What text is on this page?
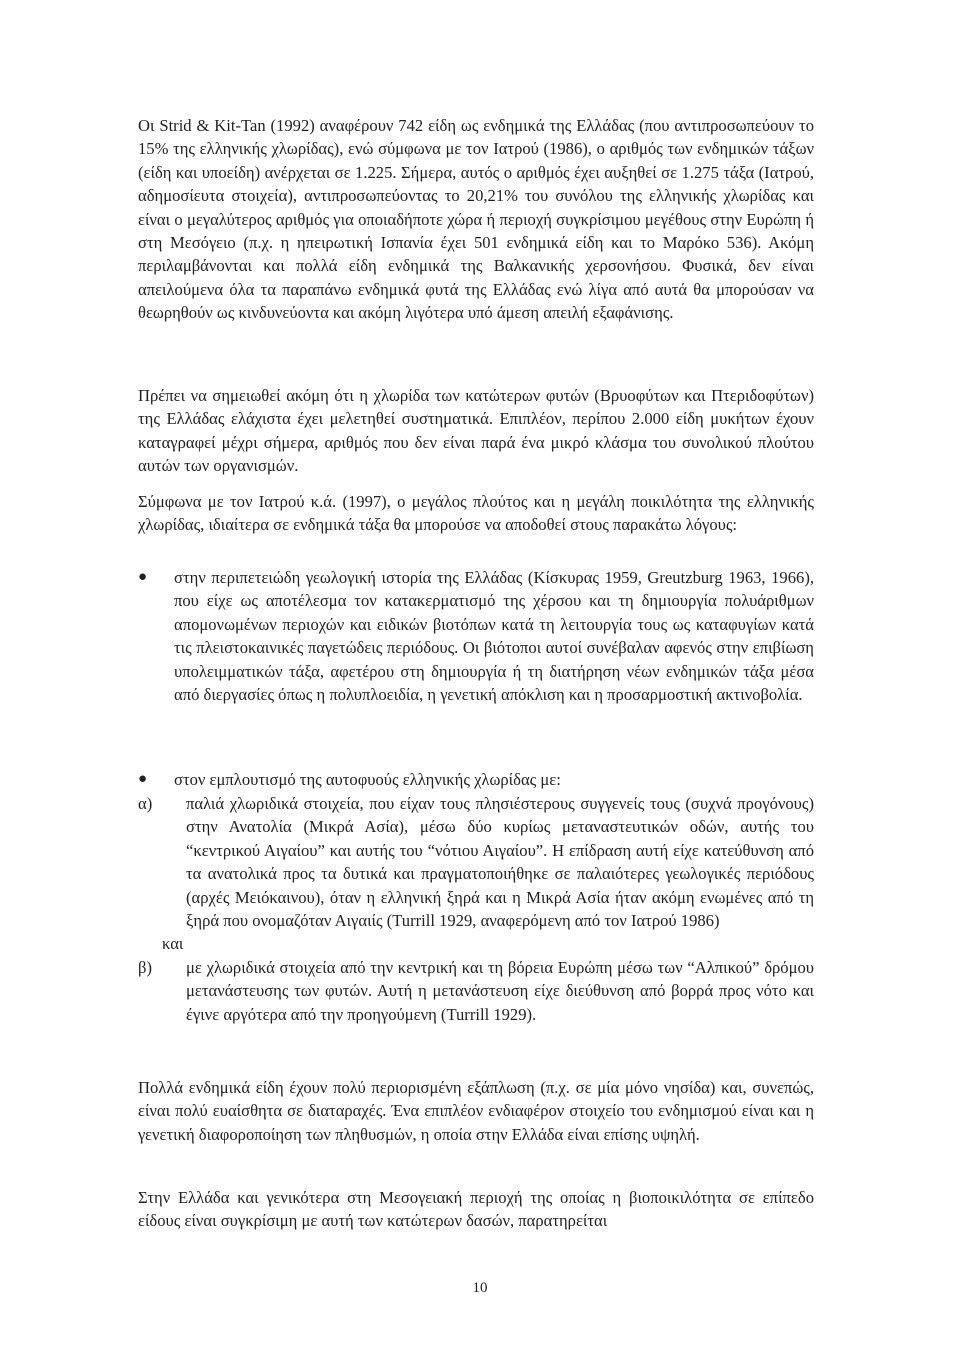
Οι Strid & Kit-Tan (1992) αναφέρουν 742 είδη ως ενδημικά της Ελλάδας (που αντιπροσωπεύουν το 15% της ελληνικής χλωρίδας), ενώ σύμφωνα με τον Ιατρού (1986), ο αριθμός των ενδημικών τάξων (είδη και υποείδη) ανέρχεται σε 1.225. Σήμερα, αυτός ο αριθμός έχει αυξηθεί σε 1.275 τάξα (Ιατρού, αδημοσίευτα στοιχεία), αντιπροσωπεύοντας το 20,21% του συνόλου της ελληνικής χλωρίδας και είναι ο μεγαλύτερος αριθμός για οποιαδήποτε χώρα ή περιοχή συγκρίσιμου μεγέθους στην Ευρώπη ή στη Μεσόγειο (π.χ. η ηπειρωτική Ισπανία έχει 501 ενδημικά είδη και το Μαρόκο 536). Ακόμη περιλαμβάνονται και πολλά είδη ενδημικά της Βαλκανικής χερσονήσου. Φυσικά, δεν είναι απειλούμενα όλα τα παραπάνω ενδημικά φυτά της Ελλάδας ενώ λίγα από αυτά θα μπορούσαν να θεωρηθούν ως κινδυνεύοντα και ακόμη λιγότερα υπό άμεση απειλή εξαφάνισης.

Πρέπει να σημειωθεί ακόμη ότι η χλωρίδα των κατώτερων φυτών (Βρυοφύτων και Πτεριδοφύτων) της Ελλάδας ελάχιστα έχει μελετηθεί συστηματικά. Επιπλέον, περίπου 2.000 είδη μυκήτων έχουν καταγραφεί μέχρι σήμερα, αριθμός που δεν είναι παρά ένα μικρό κλάσμα του συνολικού πλούτου αυτών των οργανισμών.

Σύμφωνα με τον Ιατρού κ.ά. (1997), ο μεγάλος πλούτος και η μεγάλη ποικιλότητα της ελληνικής χλωρίδας, ιδιαίτερα σε ενδημικά τάξα θα μπορούσε να αποδοθεί στους παρακάτω λόγους:

● στην περιπετειώδη γεωλογική ιστορία της Ελλάδας (Κίσκυρας 1959, Greutzburg 1963, 1966), που είχε ως αποτέλεσμα τον κατακερματισμό της χέρσου και τη δημιουργία πολυάριθμων απομονωμένων περιοχών και ειδικών βιοτόπων κατά τη λειτουργία τους ως καταφυγίων κατά τις πλειστοκαινικές παγετώδεις περιόδους. Οι βιότοποι αυτοί συνέβαλαν αφενός στην επιβίωση υπολειμματικών τάξα, αφετέρου στη δημιουργία ή τη διατήρηση νέων ενδημικών τάξα μέσα από διεργασίες όπως η πολυπλοειδία, η γενετική απόκλιση και η προσαρμοστική ακτινοβολία.
● στον εμπλουτισμό της αυτοφυούς ελληνικής χλωρίδας με:
α) παλιά χλωριδικά στοιχεία, που είχαν τους πλησιέστερους συγγενείς τους (συχνά προγόνους) στην Ανατολία (Μικρά Ασία), μέσω δύο κυρίως μεταναστευτικών οδών, αυτής του “κεντρικού Αιγαίου” και αυτής του “νότιου Αιγαίου”. Η επίδραση αυτή είχε κατεύθυνση από τα ανατολικά προς τα δυτικά και πραγματοποιήθηκε σε παλαιότερες γεωλογικές περιόδους (αρχές Μειόκαινου), όταν η ελληνική ξηρά και η Μικρά Ασία ήταν ακόμη ενωμένες από τη ξηρά που ονομαζόταν Αιγαιίς (Turrill 1929, αναφερόμενη από τον Ιατρού 1986)
και
β) με χλωριδικά στοιχεία από την κεντρική και τη βόρεια Ευρώπη μέσω των “Αλπικού” δρόμου μετανάστευσης των φυτών. Αυτή η μετανάστευση είχε διεύθυνση από βορρά προς νότο και έγινε αργότερα από την προηγούμενη (Turrill 1929).

Πολλά ενδημικά είδη έχουν πολύ περιορισμένη εξάπλωση (π.χ. σε μία μόνο νησίδα) και, συνεπώς, είναι πολύ ευαίσθητα σε διαταραχές. Ένα επιπλέον ενδιαφέρον στοιχείο του ενδημισμού είναι και η γενετική διαφοροποίηση των πληθυσμών, η οποία στην Ελλάδα είναι επίσης υψηλή.

Στην Ελλάδα και γενικότερα στη Μεσογειακή περιοχή της οποίας η βιοποικιλότητα σε επίπεδο είδους είναι συγκρίσιμη με αυτή των κατώτερων δασών, παρατηρείται

10
